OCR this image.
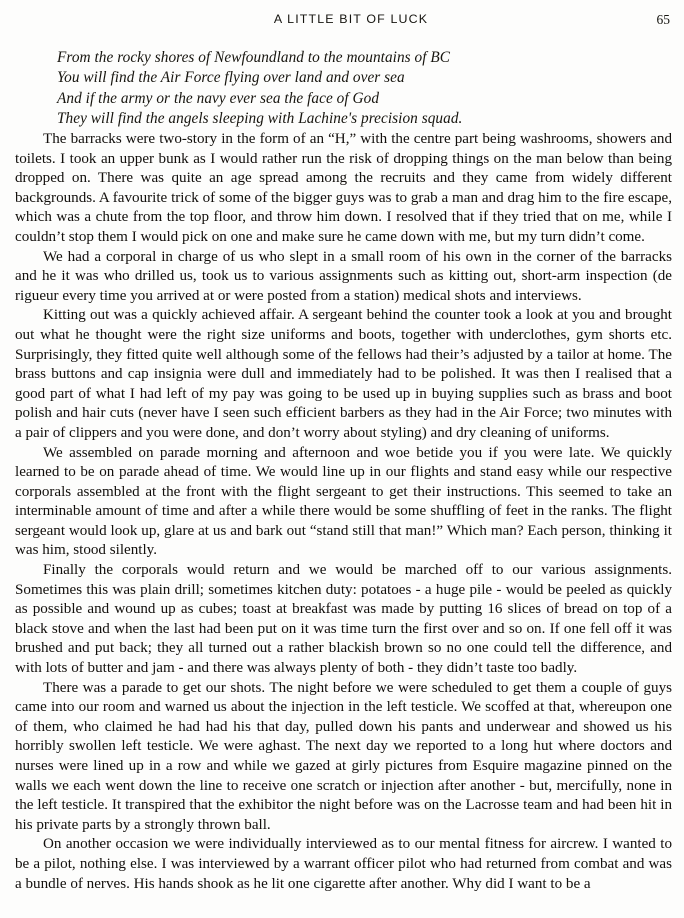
A LITTLE BIT OF LUCK	65
From the rocky shores of Newfoundland to the mountains of BC
You will find the Air Force flying over land and over sea
And if the army or the navy ever sea the face of God
They will find the angels sleeping with Lachine's precision squad.

The barracks were two-story in the form of an “H,” with the centre part being washrooms, showers and toilets. I took an upper bunk as I would rather run the risk of dropping things on the man below than being dropped on. There was quite an age spread among the recruits and they came from widely different backgrounds. A favourite trick of some of the bigger guys was to grab a man and drag him to the fire escape, which was a chute from the top floor, and throw him down. I resolved that if they tried that on me, while I couldn’t stop them I would pick on one and make sure he came down with me, but my turn didn’t come.

We had a corporal in charge of us who slept in a small room of his own in the corner of the barracks and he it was who drilled us, took us to various assignments such as kitting out, short-arm inspection (de rigueur every time you arrived at or were posted from a station) medical shots and interviews.

Kitting out was a quickly achieved affair. A sergeant behind the counter took a look at you and brought out what he thought were the right size uniforms and boots, together with underclothes, gym shorts etc. Surprisingly, they fitted quite well although some of the fellows had their’s adjusted by a tailor at home. The brass buttons and cap insignia were dull and immediately had to be polished. It was then I realised that a good part of what I had left of my pay was going to be used up in buying supplies such as brass and boot polish and hair cuts (never have I seen such efficient barbers as they had in the Air Force; two minutes with a pair of clippers and you were done, and don’t worry about styling) and dry cleaning of uniforms.

We assembled on parade morning and afternoon and woe betide you if you were late. We quickly learned to be on parade ahead of time. We would line up in our flights and stand easy while our respective corporals assembled at the front with the flight sergeant to get their instructions. This seemed to take an interminable amount of time and after a while there would be some shuffling of feet in the ranks. The flight sergeant would look up, glare at us and bark out “stand still that man!” Which man? Each person, thinking it was him, stood silently.

Finally the corporals would return and we would be marched off to our various assignments. Sometimes this was plain drill; sometimes kitchen duty: potatoes - a huge pile - would be peeled as quickly as possible and wound up as cubes; toast at breakfast was made by putting 16 slices of bread on top of a black stove and when the last had been put on it was time turn the first over and so on. If one fell off it was brushed and put back; they all turned out a rather blackish brown so no one could tell the difference, and with lots of butter and jam - and there was always plenty of both - they didn’t taste too badly.

There was a parade to get our shots. The night before we were scheduled to get them a couple of guys came into our room and warned us about the injection in the left testicle. We scoffed at that, whereupon one of them, who claimed he had had his that day, pulled down his pants and underwear and showed us his horribly swollen left testicle. We were aghast. The next day we reported to a long hut where doctors and nurses were lined up in a row and while we gazed at girly pictures from Esquire magazine pinned on the walls we each went down the line to receive one scratch or injection after another - but, mercifully, none in the left testicle. It transpired that the exhibitor the night before was on the Lacrosse team and had been hit in his private parts by a strongly thrown ball.

On another occasion we were individually interviewed as to our mental fitness for aircrew. I wanted to be a pilot, nothing else. I was interviewed by a warrant officer pilot who had returned from combat and was a bundle of nerves. His hands shook as he lit one cigarette after another. Why did I want to be a
